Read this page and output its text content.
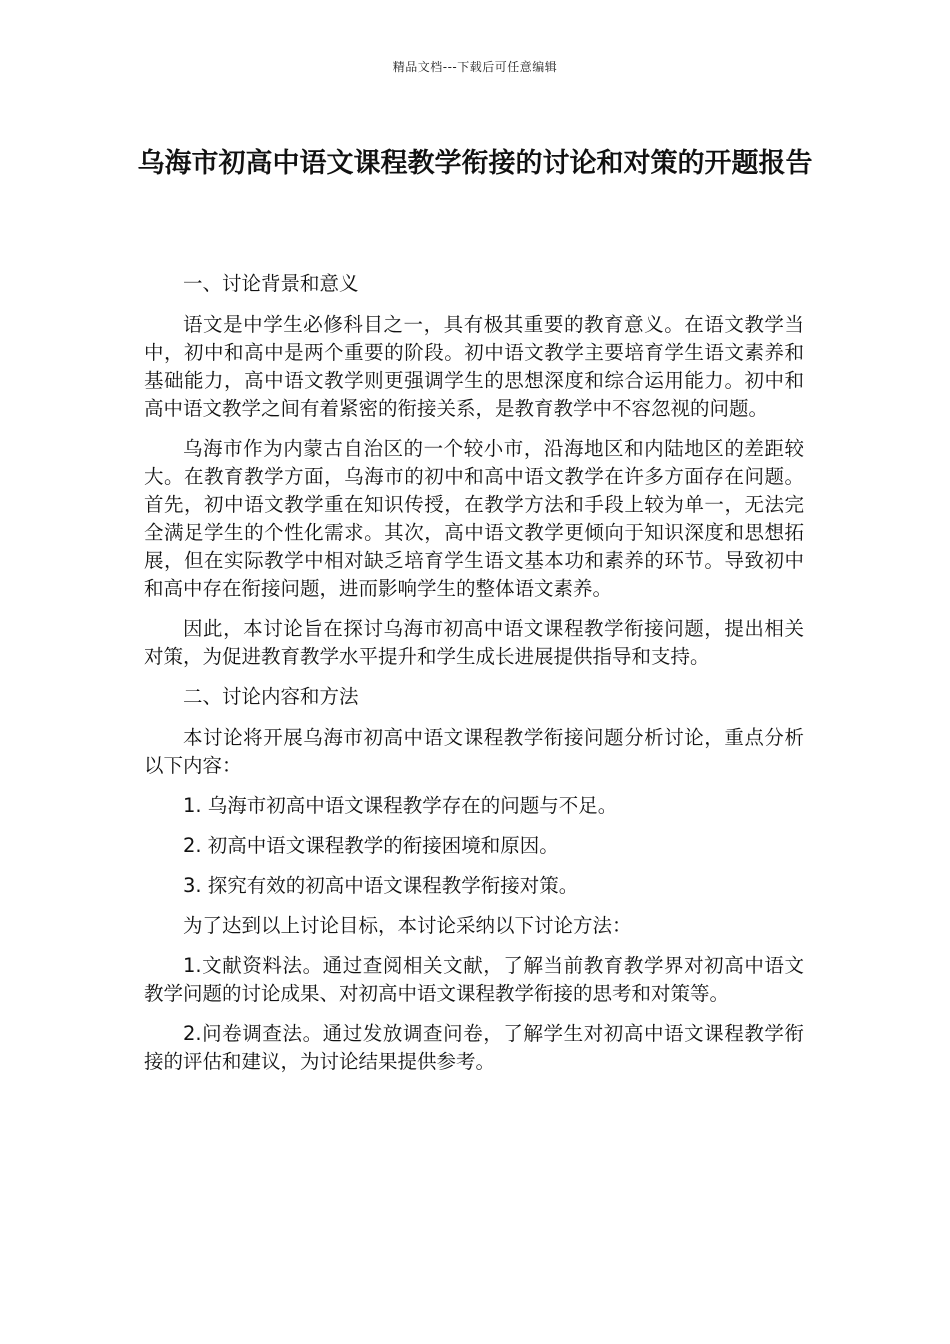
精品文档---下载后可任意编辑
乌海市初高中语文课程教学衔接的讨论和对策的开题报告

一、讨论背景和意义

语文是中学生必修科目之一，具有极其重要的教育意义。在语文教学当中，初中和高中是两个重要的阶段。初中语文教学主要培育学生语文素养和基础能力，高中语文教学则更强调学生的思想深度和综合运用能力。初中和高中语文教学之间有着紧密的衔接关系，是教育教学中不容忽视的问题。

乌海市作为内蒙古自治区的一个较小市，沿海地区和内陆地区的差距较大。在教育教学方面，乌海市的初中和高中语文教学在许多方面存在问题。首先，初中语文教学重在知识传授，在教学方法和手段上较为单一，无法完全满足学生的个性化需求。其次，高中语文教学更倾向于知识深度和思想拓展，但在实际教学中相对缺乏培育学生语文基本功和素养的环节。导致初中和高中存在衔接问题，进而影响学生的整体语文素养。

因此，本讨论旨在探讨乌海市初高中语文课程教学衔接问题，提出相关对策，为促进教育教学水平提升和学生成长进展提供指导和支持。

二、讨论内容和方法

本讨论将开展乌海市初高中语文课程教学衔接问题分析讨论，重点分析以下内容：

1. 乌海市初高中语文课程教学存在的问题与不足。

2. 初高中语文课程教学的衔接困境和原因。

3. 探究有效的初高中语文课程教学衔接对策。

为了达到以上讨论目标，本讨论采纳以下讨论方法：

1.文献资料法。通过查阅相关文献，了解当前教育教学界对初高中语文教学问题的讨论成果、对初高中语文课程教学衔接的思考和对策等。

2.问卷调查法。通过发放调查问卷，了解学生对初高中语文课程教学衔接的评估和建议，为讨论结果提供参考。
